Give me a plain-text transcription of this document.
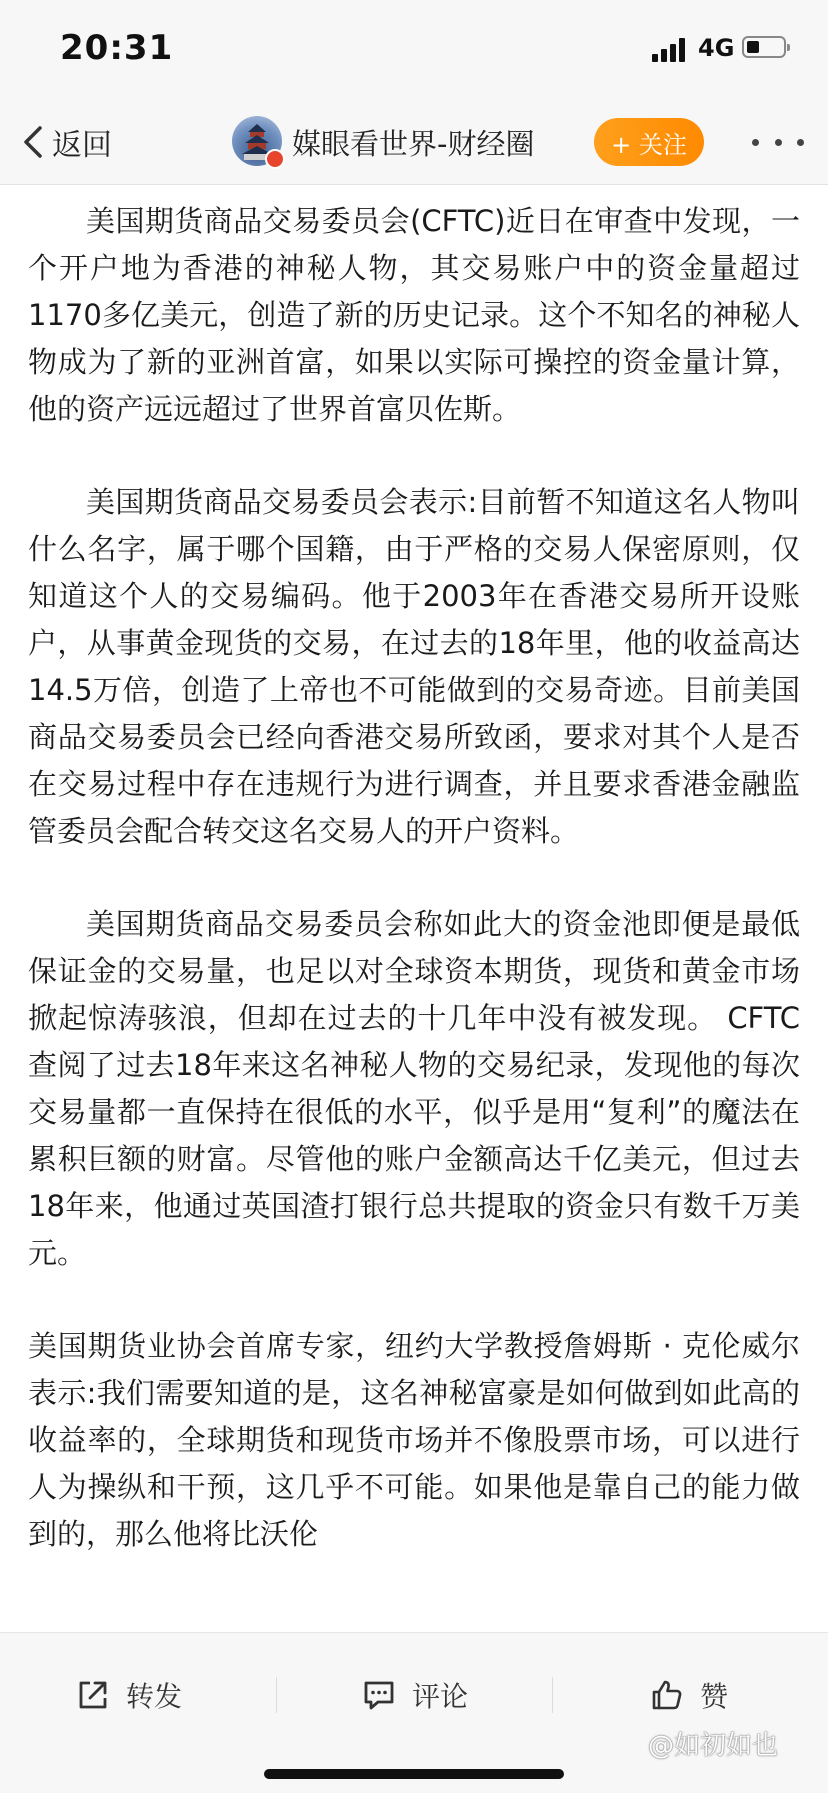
20:31	4G
返回	媒眼看世界-财经圈	+ 关注

美国期货商品交易委员会(CFTC)近日在审查中发现，一个开户地为香港的神秘人物，其交易账户中的资金量超过1170多亿美元，创造了新的历史记录。这个不知名的神秘人物成为了新的亚洲首富，如果以实际可操控的资金量计算，他的资产远远超过了世界首富贝佐斯。

美国期货商品交易委员会表示:目前暂不知道这名人物叫什么名字，属于哪个国籍，由于严格的交易人保密原则，仅知道这个人的交易编码。他于2003年在香港交易所开设账户，从事黄金现货的交易，在过去的18年里，他的收益高达14.5万倍，创造了上帝也不可能做到的交易奇迹。目前美国商品交易委员会已经向香港交易所致函，要求对其个人是否在交易过程中存在违规行为进行调查，并且要求香港金融监管委员会配合转交这名交易人的开户资料。

美国期货商品交易委员会称如此大的资金池即便是最低保证金的交易量，也足以对全球资本期货，现货和黄金市场掀起惊涛骇浪，但却在过去的十几年中没有被发现。 CFTC查阅了过去18年来这名神秘人物的交易纪录，发现他的每次交易量都一直保持在很低的水平，似乎是用“复利”的魔法在累积巨额的财富。尽管他的账户金额高达千亿美元，但过去18年来，他通过英国渣打银行总共提取的资金只有数千万美元。

美国期货业协会首席专家，纽约大学教授詹姆斯 · 克伦威尔表示:我们需要知道的是，这名神秘富豪是如何做到如此高的收益率的，全球期货和现货市场并不像股票市场，可以进行人为操纵和干预，这几乎不可能。如果他是靠自己的能力做到的，那么他将比沃伦

转发	评论	赞
@如初如也
